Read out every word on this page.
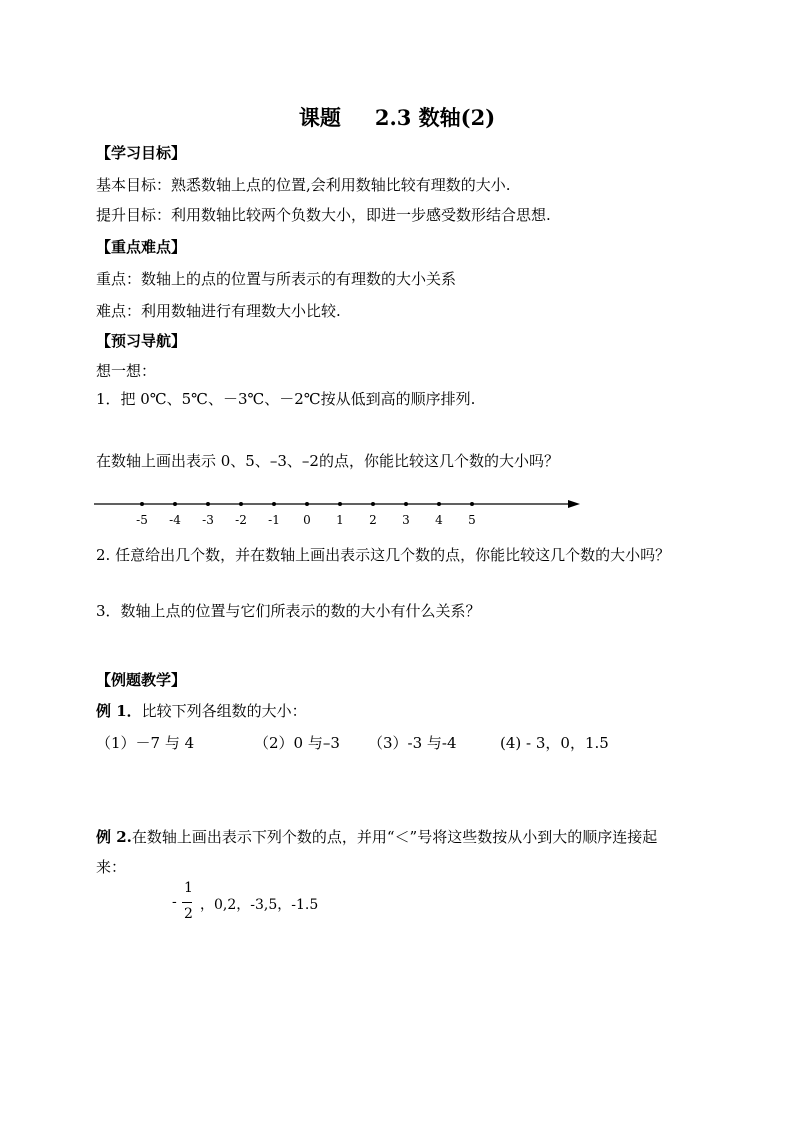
课题 2.3 数轴(2)
【学习目标】
基本目标：熟悉数轴上点的位置,会利用数轴比较有理数的大小.
提升目标：利用数轴比较两个负数大小，即进一步感受数形结合思想.
【重点难点】
重点：数轴上的点的位置与所表示的有理数的大小关系
难点：利用数轴进行有理数大小比较.
【预习导航】
想一想：
1．把 0℃、5℃、－3℃、－2℃按从低到高的顺序排列.
在数轴上画出表示 0、5、–3、–2的点，你能比较这几个数的大小吗？
-5 -4 -3 -2 -1 0 1 2 3 4 5
2. 任意给出几个数，并在数轴上画出表示这几个数的点，你能比较这几个数的大小吗？
3．数轴上点的位置与它们所表示的数的大小有什么关系？
【例题教学】
例 1．比较下列各组数的大小：
（1）－7 与 4	（2）0 与–3 （3）-3 与-4	(4) - 3，0，1.5
例 2.在数轴上画出表示下列个数的点，并用“＜”号将这些数按从小到大的顺序连接起
来：
-
1
2
，0,2，-3,5，-1.5
